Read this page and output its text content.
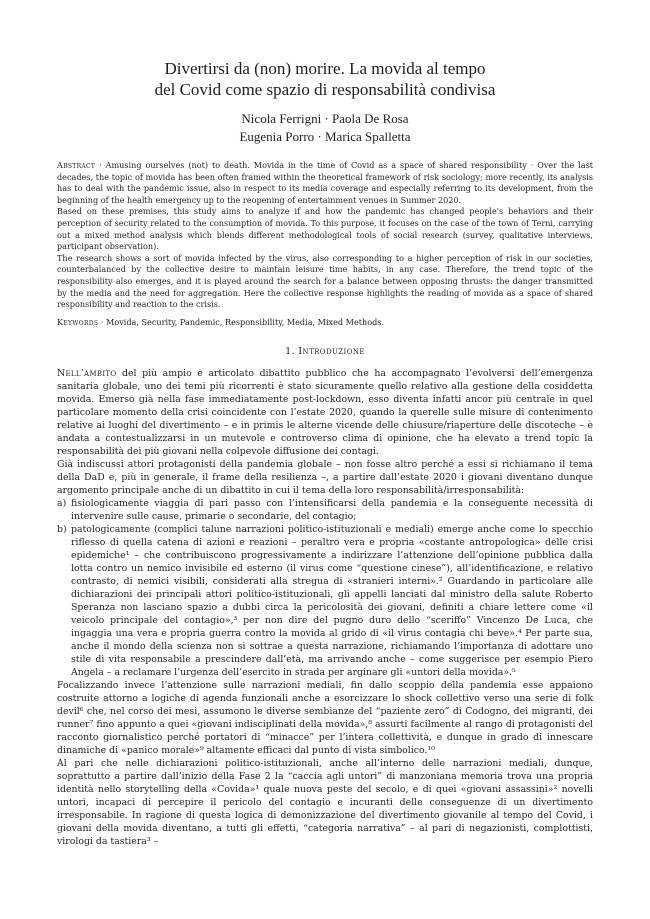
Divertirsi da (non) morire. La movida al tempo
del Covid come spazio di responsabilità condivisa
Nicola Ferrigni · Paola De Rosa
Eugenia Porro · Marica Spalletta

Abstract · Amusing ourselves (not) to death. Movida in the time of Covid as a space of shared responsibility · Over the last decades, the topic of movida has been often framed within the theoretical framework of risk sociology; more recently, its analysis has to deal with the pandemic issue, also in respect to its media coverage and especially referring to its development, from the beginning of the health emergency up to the reopening of entertainment venues in Summer 2020.

Based on these premises, this study aims to analyze if and how the pandemic has changed people's behaviors and their perception of security related to the consumption of movida. To this purpose, it focuses on the case of the town of Terni, carrying out a mixed method analysis which blends different methodological tools of social research (survey, qualitative interviews, participant observation).

The research shows a sort of movida infected by the virus, also corresponding to a higher perception of risk in our societies, counterbalanced by the collective desire to maintain leisure time habits, in any case. Therefore, the trend topic of the responsibility also emerges, and it is played around the search for a balance between opposing thrusts: the danger transmitted by the media and the need for aggregation. Here the collective response highlights the reading of movida as a space of shared responsibility and reaction to the crisis.

Keywords · Movida, Security, Pandemic, Responsibility, Media, Mixed Methods.
1. Introduzione

Nell’ambito del più ampio e articolato dibattito pubblico che ha accompagnato l’evolversi dell’emergenza sanitaria globale, uno dei temi più ricorrenti è stato sicuramente quello relativo alla gestione della cosiddetta movida. Emerso già nella fase immediatamente post-lockdown, esso diventa infatti ancor più centrale in quel particolare momento della crisi coincidente con l’estate 2020, quando la querelle sulle misure di contenimento relative ai luoghi del divertimento – e in primis le alterne vicende delle chiusure/riaperture delle discoteche – è andata a contestualizzarsi in un mutevole e controverso clima di opinione, che ha elevato a trend topic la responsabilità dei più giovani nella colpevole diffusione dei contagi.

Già indiscussi attori protagonisti della pandemia globale – non fosse altro perché a essi si richiamano il tema della DaD e, più in generale, il frame della resilienza –, a partire dall’estate 2020 i giovani diventano dunque argomento principale anche di un dibattito in cui il tema della loro responsabilità/irresponsabilità:

a) fisiologicamente viaggia di pari passo con l’intensificarsi della pandemia e la conseguente necessità di intervenire sulle cause, primarie o secondarie, del contagio;
b) patologicamente (complici talune narrazioni politico-istituzionali e mediali) emerge anche come lo specchio riflesso di quella catena di azioni e reazioni – peraltro vera e propria «costante antropologica» delle crisi epidemiche¹ – che contribuiscono progressivamente a indirizzare l’attenzione dell’opinione pubblica dalla lotta contro un nemico invisibile ed esterno (il virus come “questione cinese”), all’identificazione, e relativo contrasto, di nemici visibili, considerati alla stregua di «stranieri interni».² Guardando in particolare alle dichiarazioni dei principali attori politico-istituzionali, gli appelli lanciati dal ministro della salute Roberto Speranza non lasciano spazio a dubbi circa la pericolosità dei giovani, definiti a chiare lettere come «il veicolo principale del contagio»,³ per non dire del pugno duro dello “sceriffo” Vincenzo De Luca, che ingaggia una vera e propria guerra contro la movida al grido di «il virus contagia chi beve».⁴ Per parte sua, anche il mondo della scienza non si sottrae a questa narrazione, richiamando l’importanza di adottare uno stile di vita responsabile a prescindere dall’età, ma arrivando anche – come suggerisce per esempio Piero Angela – a reclamare l’urgenza dell’esercito in strada per arginare gli «untori della movida».⁵

Focalizzando invece l’attenzione sulle narrazioni mediali, fin dallo scoppio della pandemia esse appaiono costruite attorno a logiche di agenda funzionali anche a esorcizzare lo shock collettivo verso una serie di folk devil⁶ che, nel corso dei mesi, assumono le diverse sembianze del “paziente zero” di Codogno, dei migranti, dei runner⁷ fino appunto a quei «giovani indisciplinati della movida»,⁸ assurti facilmente al rango di protagonisti del racconto giornalistico perché portatori di “minacce” per l’intera collettività, e dunque in grado di innescare dinamiche di «panico morale»⁹ altamente efficaci dal punto di vista simbolico.¹⁰

Al pari che nelle dichiarazioni politico-istituzionali, anche all’interno delle narrazioni mediali, dunque, soprattutto a partire dall’inizio della Fase 2 la “caccia agli untori” di manzoniana memoria trova una propria identità nello storytelling della «Covida»¹ quale nuova peste del secolo, e di quei «giovani assassini»² novelli untori, incapaci di percepire il pericolo del contagio e incuranti delle conseguenze di un divertimento irresponsabile. In ragione di questa logica di demonizzazione del divertimento giovanile al tempo del Covid, i giovani della movida diventano, a tutti gli effetti, “categoria narrativa” – al pari di negazionisti, complottisti, virologi da tastiera³ –
